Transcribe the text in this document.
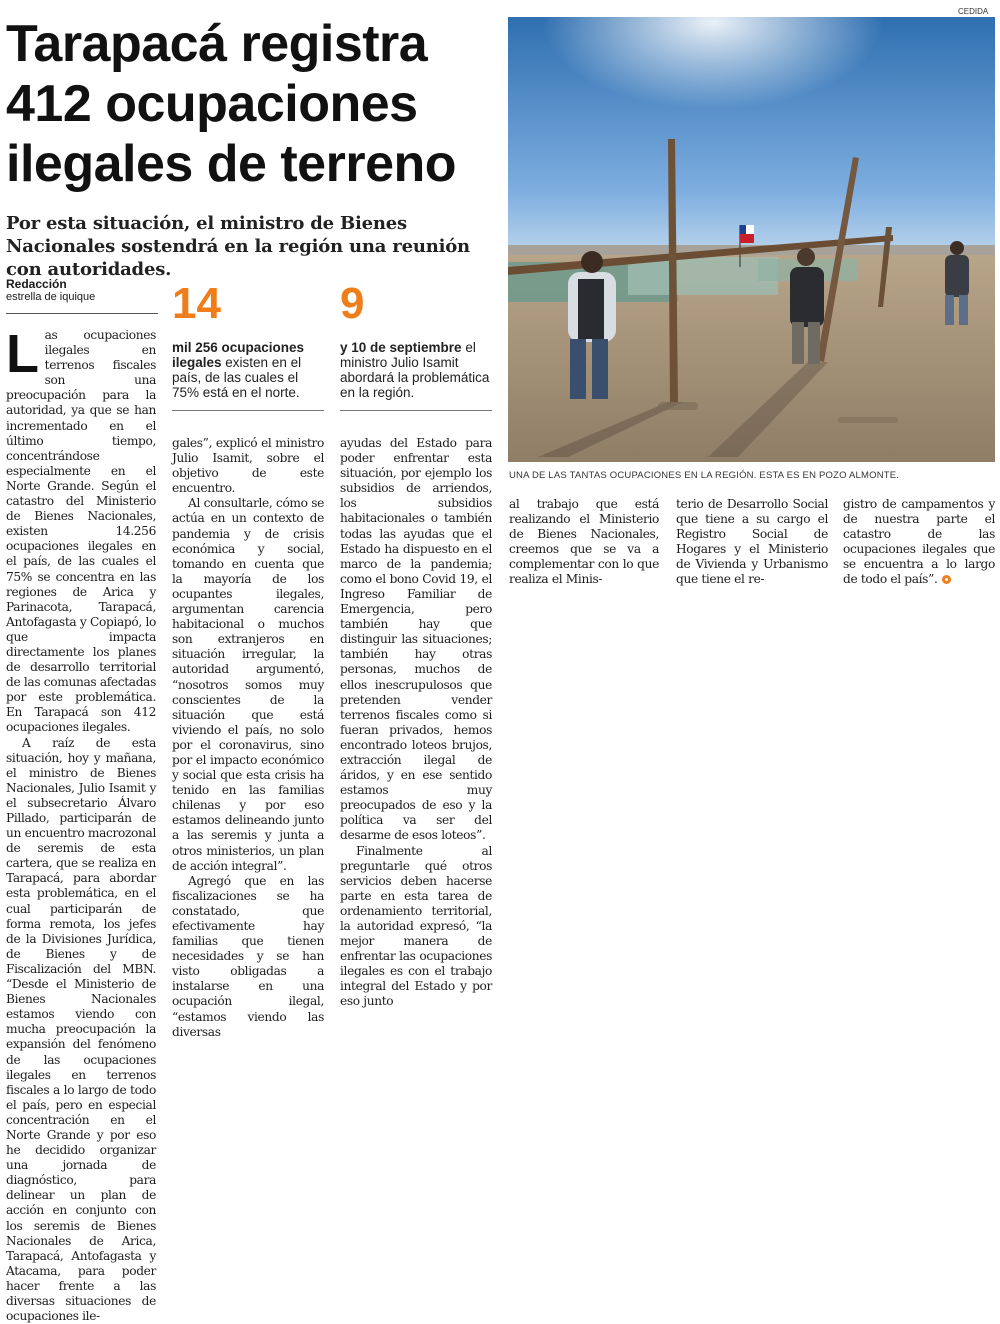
Tarapacá registra 412 ocupaciones ilegales de terreno

Por esta situación, el ministro de Bienes Nacionales sostendrá en la región una reunión con autoridades.

Redacción
estrella de iquique

Las ocupaciones ilegales en terrenos fiscales son una preocupación para la autoridad, ya que se han incrementado en el último tiempo, concentrándose especialmente en el Norte Grande. Según el catastro del Ministerio de Bienes Nacionales, existen 14.256 ocupaciones ilegales en el país, de las cuales el 75% se concentra en las regiones de Arica y Parinacota, Tarapacá, Antofagasta y Copiapó, lo que impacta directamente los planes de desarrollo territorial de las comunas afectadas por este problemática. En Tarapacá son 412 ocupaciones ilegales.

A raíz de esta situación, hoy y mañana, el ministro de Bienes Nacionales, Julio Isamit y el subsecretario Álvaro Pillado, participarán de un encuentro macrozonal de seremis de esta cartera, que se realiza en Tarapacá, para abordar esta problemática, en el cual participarán de forma remota, los jefes de la Divisiones Jurídica, de Bienes y de Fiscalización del MBN. “Desde el Ministerio de Bienes Nacionales estamos viendo con mucha preocupación la expansión del fenómeno de las ocupaciones ilegales en terrenos fiscales a lo largo de todo el país, pero en especial concentración en el Norte Grande y por eso he decidido organizar una jornada de diagnóstico, para delinear un plan de acción en conjunto con los seremis de Bienes Nacionales de Arica, Tarapacá, Antofagasta y Atacama, para poder hacer frente a las diversas situaciones de ocupaciones ile-

14
mil 256 ocupaciones ilegales existen en el país, de las cuales el 75% está en el norte.
9
y 10 de septiembre el ministro Julio Isamit abordará la problemática en la región.

gales”, explicó el ministro Julio Isamit, sobre el objetivo de este encuentro.

Al consultarle, cómo se actúa en un contexto de pandemia y de crisis económica y social, tomando en cuenta que la mayoría de los ocupantes ilegales, argumentan carencia habitacional o muchos son extranjeros en situación irregular, la autoridad argumentó, “nosotros somos muy conscientes de la situación que está viviendo el país, no solo por el coronavirus, sino por el impacto económico y social que esta crisis ha tenido en las familias chilenas y por eso estamos delineando junto a las seremis y junta a otros ministerios, un plan de acción integral”.

Agregó que en las fiscalizaciones se ha constatado, que efectivamente hay familias que tienen necesidades y se han visto obligadas a instalarse en una ocupación ilegal, “estamos viendo las diversas

ayudas del Estado para poder enfrentar esta situación, por ejemplo los subsidios de arriendos, los subsidios habitacionales o también todas las ayudas que el Estado ha dispuesto en el marco de la pandemia; como el bono Covid 19, el Ingreso Familiar de Emergencia, pero también hay que distinguir las situaciones; también hay otras personas, muchos de ellos inescrupulosos que pretenden vender terrenos fiscales como si fueran privados, hemos encontrado loteos brujos, extracción ilegal de áridos, y en ese sentido estamos muy preocupados de eso y la política va ser del desarme de esos loteos”.

Finalmente al preguntarle qué otros servicios deben hacerse parte en esta tarea de ordenamiento territorial, la autoridad expresó, “la mejor manera de enfrentar las ocupaciones ilegales es con el trabajo integral del Estado y por eso junto

CEDIDA
UNA DE LAS TANTAS OCUPACIONES EN LA REGIÓN. ESTA ES EN POZO ALMONTE.

al trabajo que está realizando el Ministerio de Bienes Nacionales, creemos que se va a complementar con lo que realiza el Minis-

terio de Desarrollo Social que tiene a su cargo el Registro Social de Hogares y el Ministerio de Vivienda y Urbanismo que tiene el re-

gistro de campamentos y de nuestra parte el catastro de las ocupaciones ilegales que se encuentra a lo largo de todo el país”.
